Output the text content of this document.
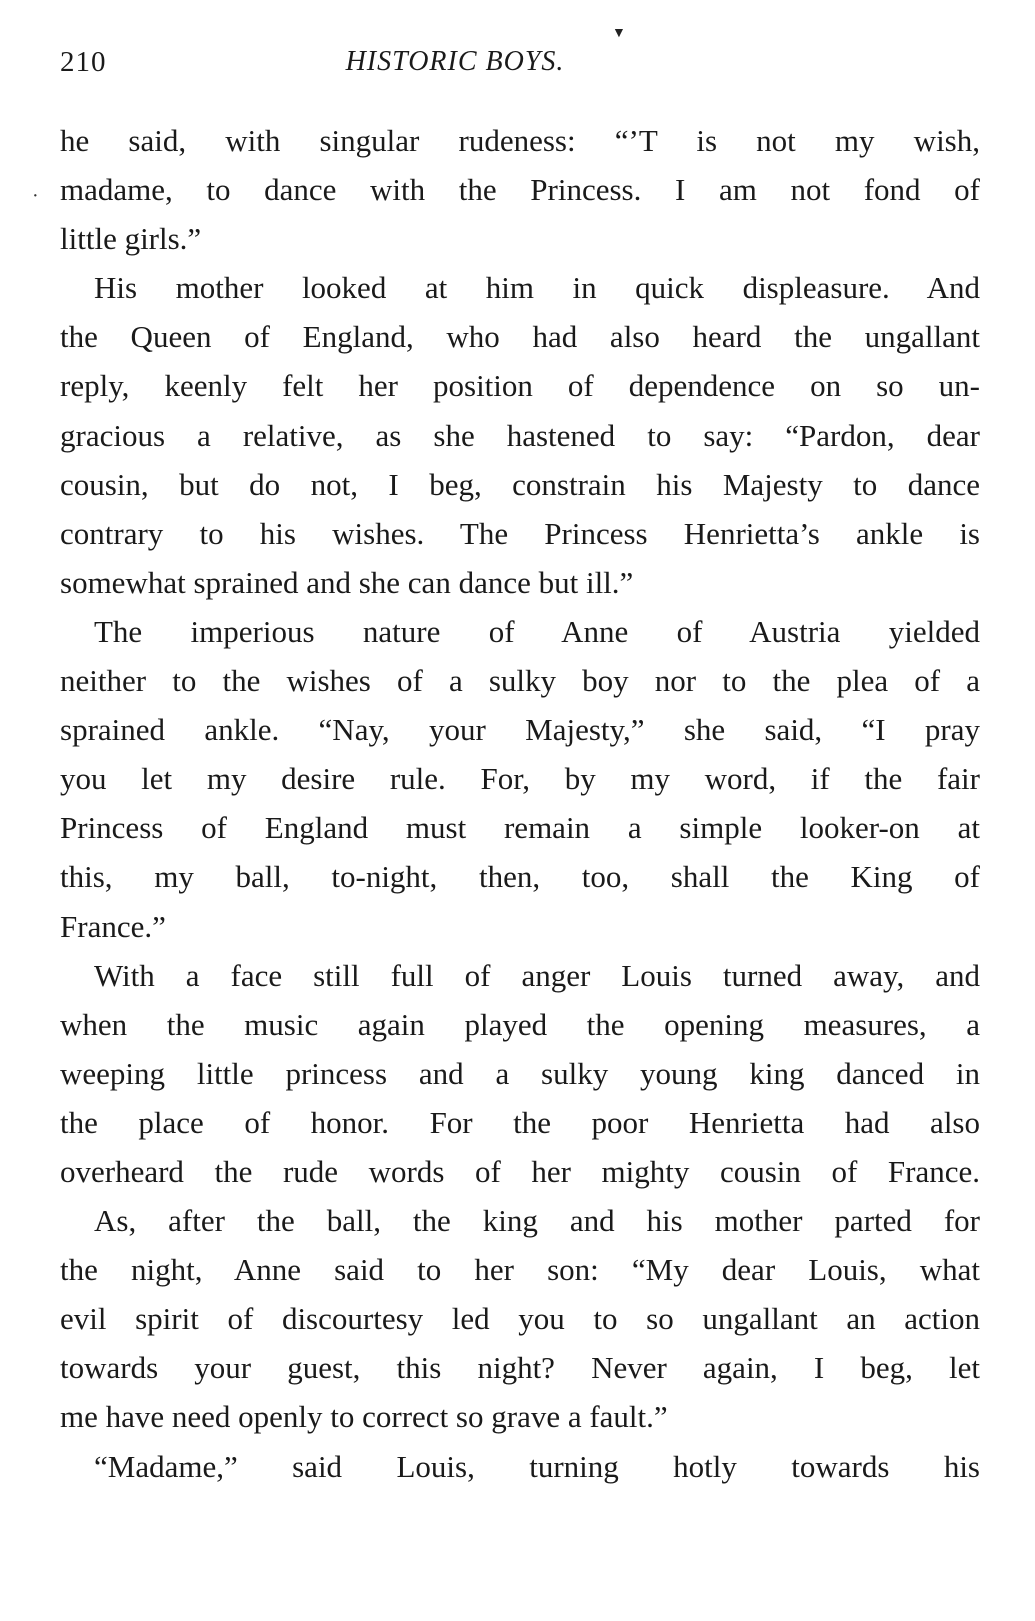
210	HISTORIC BOYS.
▼
·
he said, with singular rudeness: “’T is not my wish,
madame, to dance with the Princess. I am not fond of
little girls.”
His mother looked at him in quick displeasure. And
the Queen of England, who had also heard the ungallant
reply, keenly felt her position of dependence on so un-
gracious a relative, as she hastened to say: “Pardon, dear
cousin, but do not, I beg, constrain his Majesty to dance
contrary to his wishes. The Princess Henrietta’s ankle is
somewhat sprained and she can dance but ill.”
The imperious nature of Anne of Austria yielded
neither to the wishes of a sulky boy nor to the plea of a
sprained ankle. “Nay, your Majesty,” she said, “I pray
you let my desire rule. For, by my word, if the fair
Princess of England must remain a simple looker-on at
this, my ball, to-night, then, too, shall the King of
France.”
With a face still full of anger Louis turned away, and
when the music again played the opening measures, a
weeping little princess and a sulky young king danced in
the place of honor. For the poor Henrietta had also
overheard the rude words of her mighty cousin of France.
As, after the ball, the king and his mother parted for
the night, Anne said to her son: “My dear Louis, what
evil spirit of discourtesy led you to so ungallant an action
towards your guest, this night? Never again, I beg, let
me have need openly to correct so grave a fault.”
“Madame,” said Louis, turning hotly towards his
